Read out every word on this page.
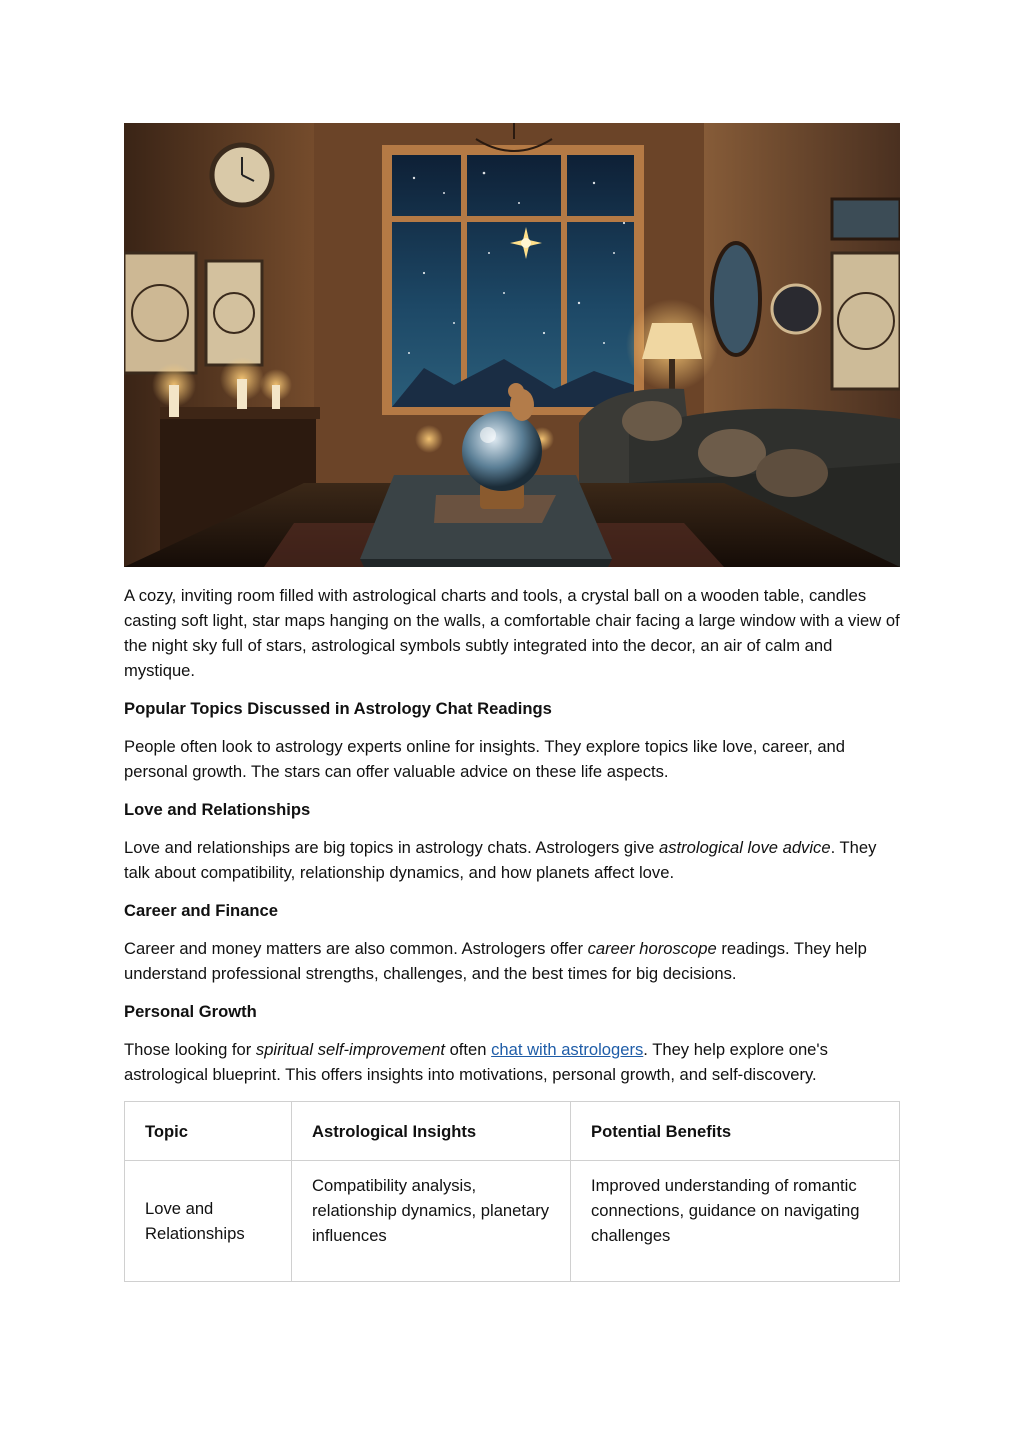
A cozy, inviting room filled with astrological charts and tools, a crystal ball on a wooden table, candles casting soft light, star maps hanging on the walls, a comfortable chair facing a large window with a view of the night sky full of stars, astrological symbols subtly integrated into the decor, an air of calm and mystique.

Popular Topics Discussed in Astrology Chat Readings

People often look to astrology experts online for insights. They explore topics like love, career, and personal growth. The stars can offer valuable advice on these life aspects.

Love and Relationships

Love and relationships are big topics in astrology chats. Astrologers give astrological love advice. They talk about compatibility, relationship dynamics, and how planets affect love.

Career and Finance

Career and money matters are also common. Astrologers offer career horoscope readings. They help understand professional strengths, challenges, and the best times for big decisions.

Personal Growth

Those looking for spiritual self-improvement often chat with astrologers. They help explore one's astrological blueprint. This offers insights into motivations, personal growth, and self-discovery.

Topic	Astrological Insights	Potential Benefits
Love and Relationships	Compatibility analysis, relationship dynamics, planetary influences	Improved understanding of romantic connections, guidance on navigating challenges
